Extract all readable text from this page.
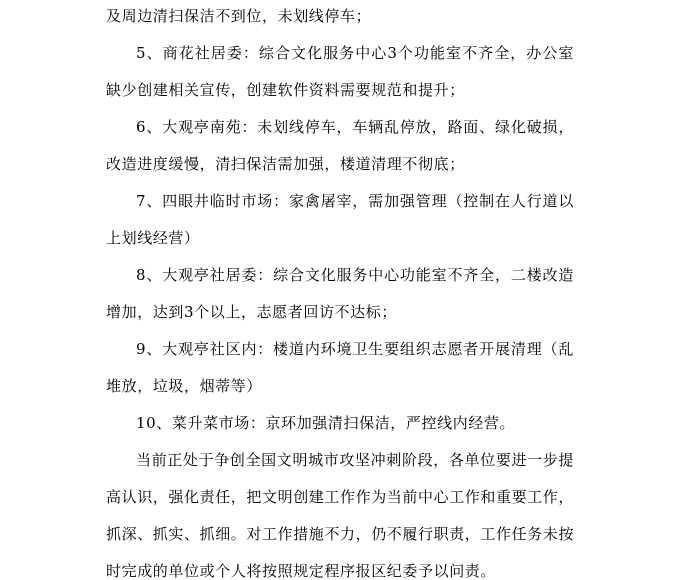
及周边清扫保洁不到位，未划线停车；

5、商花社居委：综合文化服务中心3个功能室不齐全，办公室缺少创建相关宣传，创建软件资料需要规范和提升；

6、大观亭南苑：未划线停车，车辆乱停放，路面、绿化破损，改造进度缓慢，清扫保洁需加强，楼道清理不彻底；

7、四眼井临时市场：家禽屠宰，需加强管理（控制在人行道以上划线经营）

8、大观亭社居委：综合文化服务中心功能室不齐全，二楼改造增加，达到3个以上，志愿者回访不达标；

9、大观亭社区内：楼道内环境卫生要组织志愿者开展清理（乱堆放，垃圾，烟蒂等）

10、菜升菜市场：京环加强清扫保洁，严控线内经营。

当前正处于争创全国文明城市攻坚冲刺阶段，各单位要进一步提高认识，强化责任，把文明创建工作作为当前中心工作和重要工作，抓深、抓实、抓细。对工作措施不力，仍不履行职责，工作任务未按时完成的单位或个人将按照规定程序报区纪委予以问责。
